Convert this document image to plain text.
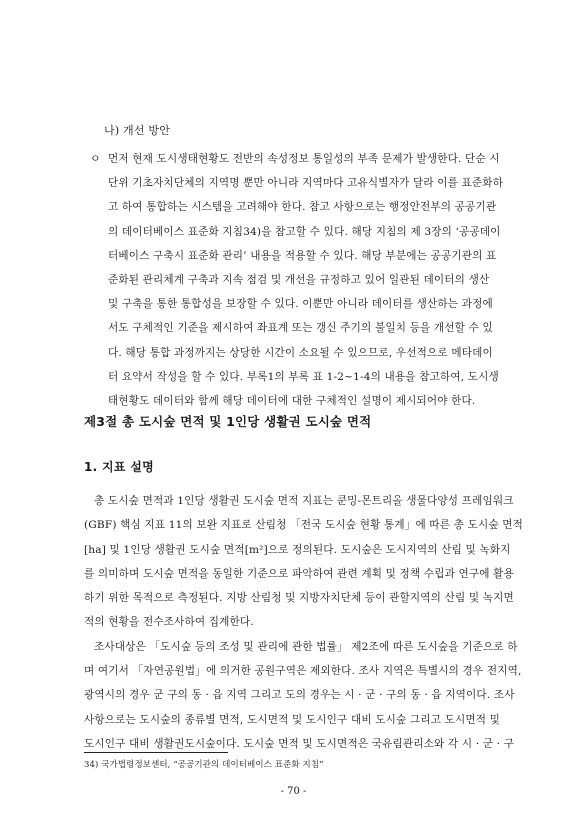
나) 개선 방안
ㅇ 먼저 현재 도시생태현황도 전반의 속성정보 통일성의 부족 문제가 발생한다. 단순 시
단위 기초자치단체의 지역명 뿐만 아니라 지역마다 고유식별자가 달라 이를 표준화하
고 하여 통합하는 시스템을 고려해야 한다. 참고 사항으로는 행정안전부의 공공기관
의 데이터베이스 표준화 지침34)을 참고할 수 있다. 해당 지침의 제 3장의 ‘공공데이
터베이스 구축시 표준화 관리’ 내용을 적용할 수 있다. 해당 부분에는 공공기관의 표
준화된 관리체계 구축과 지속 점검 및 개선을 규정하고 있어 일관된 데이터의 생산
및 구축을 통한 통합성을 보장할 수 있다. 이뿐만 아니라 데이터를 생산하는 과정에
서도 구체적인 기준을 제시하여 좌표계 또는 갱신 주기의 불일치 등을 개선할 수 있
다. 해당 통합 과정까지는 상당한 시간이 소요될 수 있으므로, 우선적으로 메타데이
터 요약서 작성을 할 수 있다. 부록1의 부록 표 1-2~1-4의 내용을 참고하여, 도시생
태현황도 데이터와 함께 해당 데이터에 대한 구체적인 설명이 제시되어야 한다.
제3절 총 도시숲 면적 및 1인당 생활권 도시숲 면적
1. 지표 설명
총 도시숲 면적과 1인당 생활권 도시숲 면적 지표는 쿤밍-몬트리올 생물다양성 프레임워크
(GBF) 핵심 지표 11의 보완 지표로 산림청 「전국 도시숲 현황 통계」에 따른 총 도시숲 면적
[ha] 및 1인당 생활권 도시숲 면적[m²]으로 정의된다. 도시숲은 도시지역의 산림 및 녹화지
를 의미하며 도시숲 면적을 동일한 기준으로 파악하여 관련 계획 및 정책 수립과 연구에 활용
하기 위한 목적으로 측정된다. 지방 산림청 및 지방자치단체 등이 관할지역의 산림 및 녹지면
적의 현황을 전수조사하여 집계한다.
조사대상은 「도시숲 등의 조성 및 관리에 관한 법률」 제2조에 따른 도시숲을 기준으로 하
며 여기서 「자연공원법」에 의거한 공원구역은 제외한다. 조사 지역은 특별시의 경우 전지역,
광역시의 경우 군 구의 동 · 읍 지역 그리고 도의 경우는 시 · 군 · 구의 동 · 읍 지역이다. 조사
사항으로는 도시숲의 종류별 면적, 도시면적 및 도시인구 대비 도시숲 그리고 도시면적 및
도시인구 대비 생활권도시숲이다. 도시숲 면적 및 도시면적은 국유림관리소와 각 시 · 군 · 구
34) 국가법령정보센터, “공공기관의 데이터베이스 표준화 지침”
- 70 -
